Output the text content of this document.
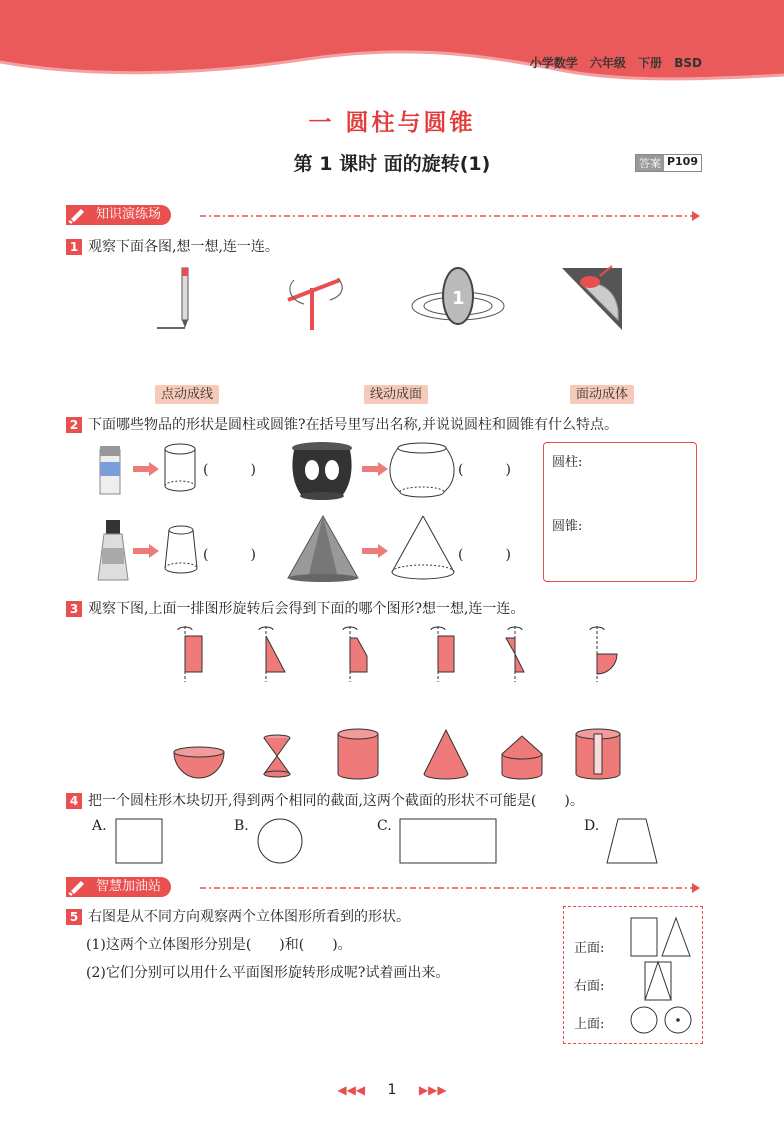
小学数学 六年级 下册 BSD
一 圆柱与圆锥
第 1 课时 面的旋转(1)	答案 P109
知识演练场
1 观察下面各图,想一想,连一连。
1
点动成线	线动成面	面动成体
2 下面哪些物品的形状是圆柱或圆锥?在括号里写出名称,并说说圆柱和圆锥有什么特点。
(　　　)	(　　　)
(　　　)	(　　　)
圆柱:
圆锥:
3 观察下图,上面一排图形旋转后会得到下面的哪个图形?想一想,连一连。
4 把一个圆柱形木块切开,得到两个相同的截面,这两个截面的形状不可能是(　　)。
A.	B.	C.	D.
智慧加油站
5 右图是从不同方向观察两个立体图形所看到的形状。
(1)这两个立体图形分别是(　　)和(　　)。
(2)它们分别可以用什么平面图形旋转形成呢?试着画出来。
正面:
右面:
上面:
◀◀◀ 1 ▶▶▶
